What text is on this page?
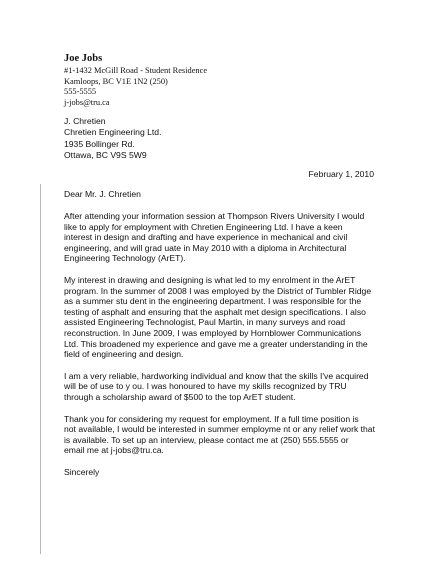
Joe Jobs

#1-1432 McGill Road - Student Residence

Kamloops, BC V1E 1N2 (250)

555-5555

j-jobs@tru.ca

J. Chretien

Chretien Engineering Ltd.

1935 Bollinger Rd.

Ottawa, BC V9S 5W9

February 1, 2010

Dear Mr. J. Chretien

After attending your information session at Thompson Rivers University I would
like to apply for employment with Chretien Engineering Ltd. I have a keen
interest in design and drafting and have experience in mechanical and civil
engineering, and will grad uate in May 2010 with a diploma in Architectural
Engineering Technology (ArET).

My interest in drawing and designing is what led to my enrolment in the ArET
program. In the summer of 2008 I was employed by the District of Tumbler Ridge
as a summer stu dent in the engineering department. I was responsible for the
testing of asphalt and ensuring that the asphalt met design specifications. I also
assisted Engineering Technologist, Paul Martin, in many surveys and road
reconstruction. In June 2009, I was employed by Hornblower Communications
Ltd. This broadened my experience and gave me a greater understanding in the
field of engineering and design.

I am a very reliable, hardworking individual and know that the skills I've acquired
will be of use to y ou. I was honoured to have my skills recognized by TRU
through a scholarship award of $500 to the top ArET student.

Thank you for considering my request for employment. If a full time position is
not available, I would be interested in summer employme nt or any relief work that
is available. To set up an interview, please contact me at (250) 555.5555 or
email me at j-jobs@tru.ca.

Sincerely
